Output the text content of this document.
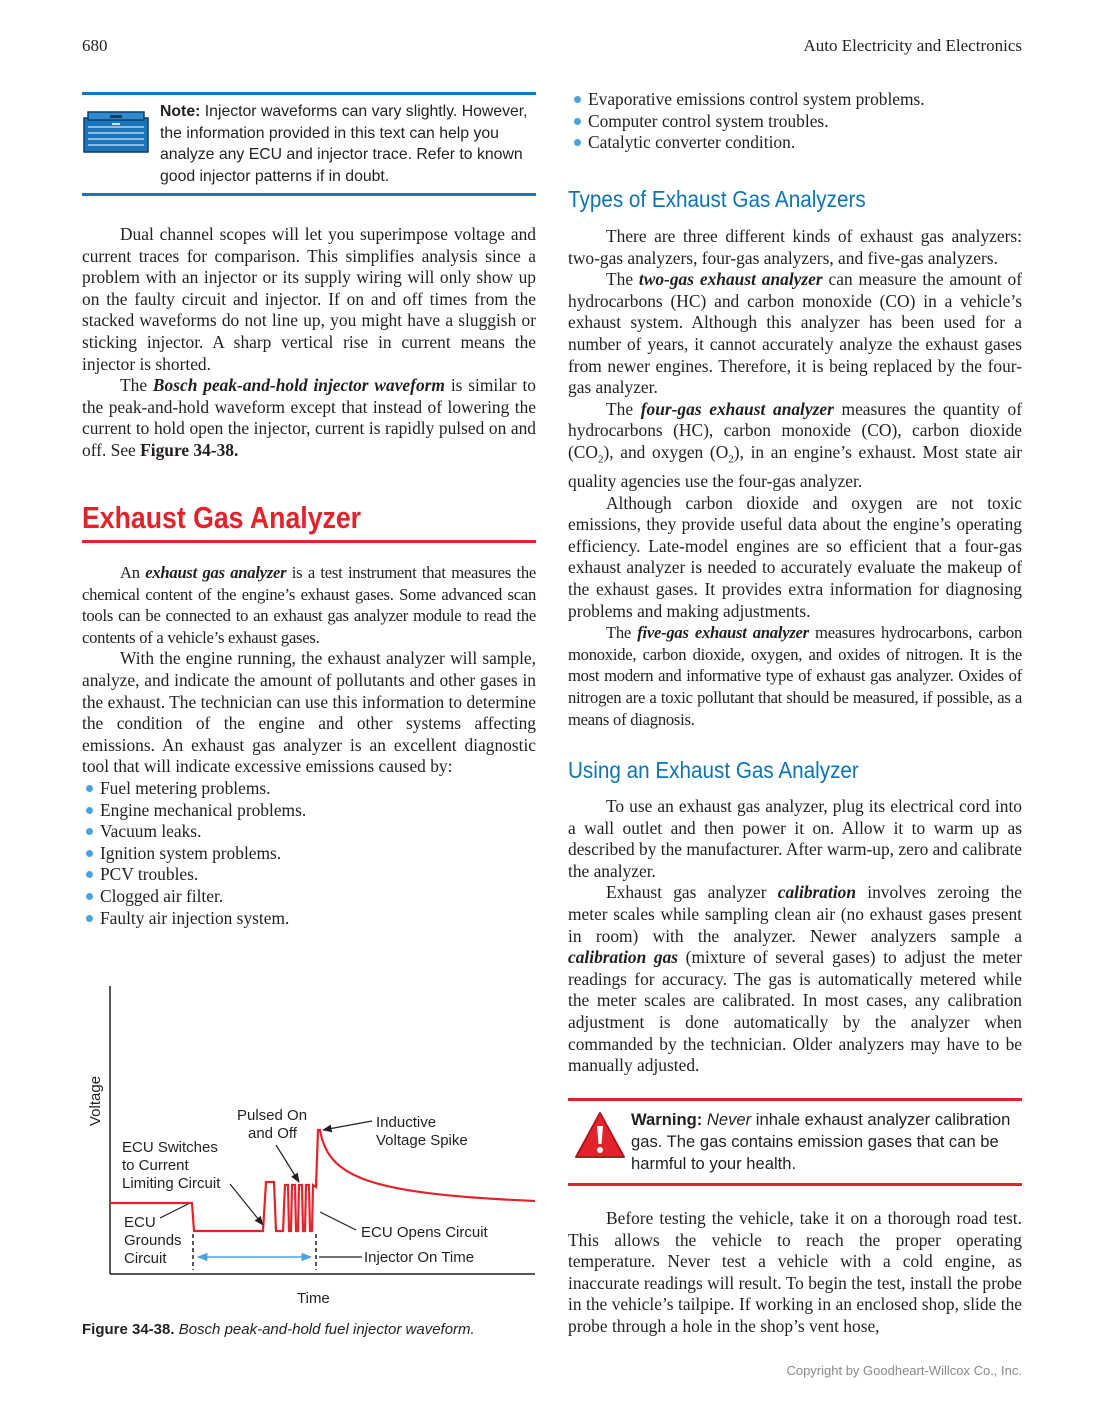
680	Auto Electricity and Electronics
Note: Injector waveforms can vary slightly. However, the information provided in this text can help you analyze any ECU and injector trace. Refer to known good injector patterns if in doubt.

Dual channel scopes will let you superimpose voltage and current traces for comparison. This simplifies analysis since a problem with an injector or its supply wiring will only show up on the faulty circuit and injector. If on and off times from the stacked waveforms do not line up, you might have a sluggish or sticking injector. A sharp vertical rise in current means the injector is shorted.

The Bosch peak-and-hold injector waveform is similar to the peak-and-hold waveform except that instead of lowering the current to hold open the injector, current is rapidly pulsed on and off. See Figure 34-38.

Exhaust Gas Analyzer

An exhaust gas analyzer is a test instrument that measures the chemical content of the engine’s exhaust gases. Some advanced scan tools can be connected to an exhaust gas analyzer module to read the contents of a vehicle’s exhaust gases.

With the engine running, the exhaust analyzer will sample, analyze, and indicate the amount of pollutants and other gases in the exhaust. The technician can use this information to determine the condition of the engine and other systems affecting emissions. An exhaust gas analyzer is an excellent diagnostic tool that will indicate excessive emissions caused by:

Fuel metering problems.
Engine mechanical problems.
Vacuum leaks.
Ignition system problems.
PCV troubles.
Clogged air filter.
Faulty air injection system.
Voltage
Time
ECU Switches to Current Limiting Circuit
Pulsed On and Off
Inductive Voltage Spike
ECU Grounds Circuit
ECU Opens Circuit
Injector On Time
Figure 34-38. Bosch peak-and-hold fuel injector waveform.
Evaporative emissions control system problems.
Computer control system troubles.
Catalytic converter condition.
Types of Exhaust Gas Analyzers

There are three different kinds of exhaust gas analyzers: two-gas analyzers, four-gas analyzers, and five-gas analyzers.

The two-gas exhaust analyzer can measure the amount of hydrocarbons (HC) and carbon monoxide (CO) in a vehicle’s exhaust system. Although this analyzer has been used for a number of years, it cannot accurately analyze the exhaust gases from newer engines. Therefore, it is being replaced by the four-gas analyzer.

The four-gas exhaust analyzer measures the quantity of hydrocarbons (HC), carbon monoxide (CO), carbon dioxide $(CO_2)$, and oxygen $(O_2)$, in an engine’s exhaust. Most state air quality agencies use the four-gas analyzer.

Although carbon dioxide and oxygen are not toxic emissions, they provide useful data about the engine’s operating efficiency. Late-model engines are so efficient that a four-gas exhaust analyzer is needed to accurately evaluate the makeup of the exhaust gases. It provides extra information for diagnosing problems and making adjustments.

The five-gas exhaust analyzer measures hydrocarbons, carbon monoxide, carbon dioxide, oxygen, and oxides of nitrogen. It is the most modern and informative type of exhaust gas analyzer. Oxides of nitrogen are a toxic pollutant that should be measured, if possible, as a means of diagnosis.

Using an Exhaust Gas Analyzer

To use an exhaust gas analyzer, plug its electrical cord into a wall outlet and then power it on. Allow it to warm up as described by the manufacturer. After warm-up, zero and calibrate the analyzer.

Exhaust gas analyzer calibration involves zeroing the meter scales while sampling clean air (no exhaust gases present in room) with the analyzer. Newer analyzers sample a calibration gas (mixture of several gases) to adjust the meter readings for accuracy. The gas is automatically metered while the meter scales are calibrated. In most cases, any calibration adjustment is done automatically by the analyzer when commanded by the technician. Older analyzers may have to be manually adjusted.

Warning: Never inhale exhaust analyzer calibration gas. The gas contains emission gases that can be harmful to your health.

Before testing the vehicle, take it on a thorough road test. This allows the vehicle to reach the proper operating temperature. Never test a vehicle with a cold engine, as inaccurate readings will result. To begin the test, install the probe in the vehicle’s tailpipe. If working in an enclosed shop, slide the probe through a hole in the shop’s vent hose,

Copyright by Goodheart-Willcox Co., Inc.
